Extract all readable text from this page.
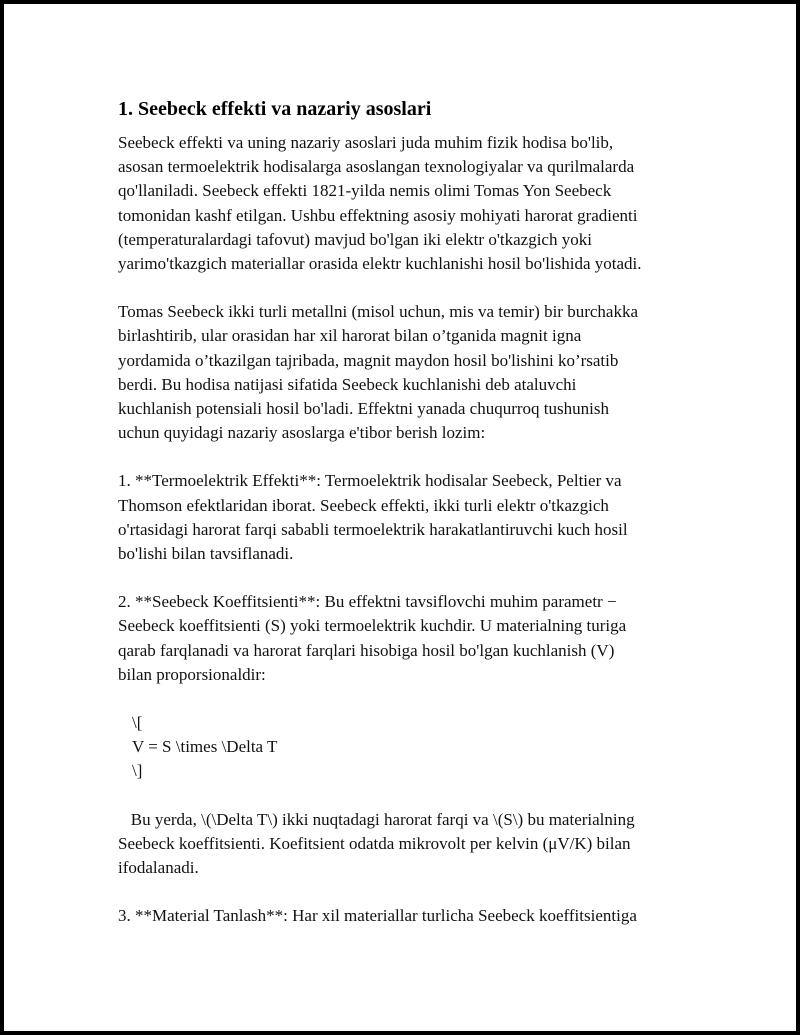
1. Seebeck effekti va nazariy asoslari

Seebeck effekti va uning nazariy asoslari juda muhim fizik hodisa bo'lib,
asosan termoelektrik hodisalarga asoslangan texnologiyalar va qurilmalarda
qo'llaniladi. Seebeck effekti 1821-yilda nemis olimi Tomas Yon Seebeck
tomonidan kashf etilgan. Ushbu effektning asosiy mohiyati harorat gradienti
(temperaturalardagi tafovut) mavjud bo'lgan iki elektr o'tkazgich yoki
yarimo'tkazgich materiallar orasida elektr kuchlanishi hosil bo'lishida yotadi.

Tomas Seebeck ikki turli metallni (misol uchun, mis va temir) bir burchakka
birlashtirib, ular orasidan har xil harorat bilan o’tganida magnit igna
yordamida o’tkazilgan tajribada, magnit maydon hosil bo'lishini ko’rsatib
berdi. Bu hodisa natijasi sifatida Seebeck kuchlanishi deb ataluvchi
kuchlanish potensiali hosil bo'ladi. Effektni yanada chuqurroq tushunish
uchun quyidagi nazariy asoslarga e'tibor berish lozim:

1. **Termoelektrik Effekti**: Termoelektrik hodisalar Seebeck, Peltier va
Thomson efektlaridan iborat. Seebeck effekti, ikki turli elektr o'tkazgich
o'rtasidagi harorat farqi sababli termoelektrik harakatlantiruvchi kuch hosil
bo'lishi bilan tavsiflanadi.

2. **Seebeck Koeffitsienti**: Bu effektni tavsiflovchi muhim parametr −
Seebeck koeffitsienti (S) yoki termoelektrik kuchdir. U materialning turiga
qarab farqlanadi va harorat farqlari hisobiga hosil bo'lgan kuchlanish (V)
bilan proporsionaldir:

\[
V = S \times \Delta T
\]

Bu yerda, \(\Delta T\) ikki nuqtadagi harorat farqi va \(S\) bu materialning
Seebeck koeffitsienti. Koefitsient odatda mikrovolt per kelvin (μV/K) bilan
ifodalanadi.

3. **Material Tanlash**: Har xil materiallar turlicha Seebeck koeffitsientiga
